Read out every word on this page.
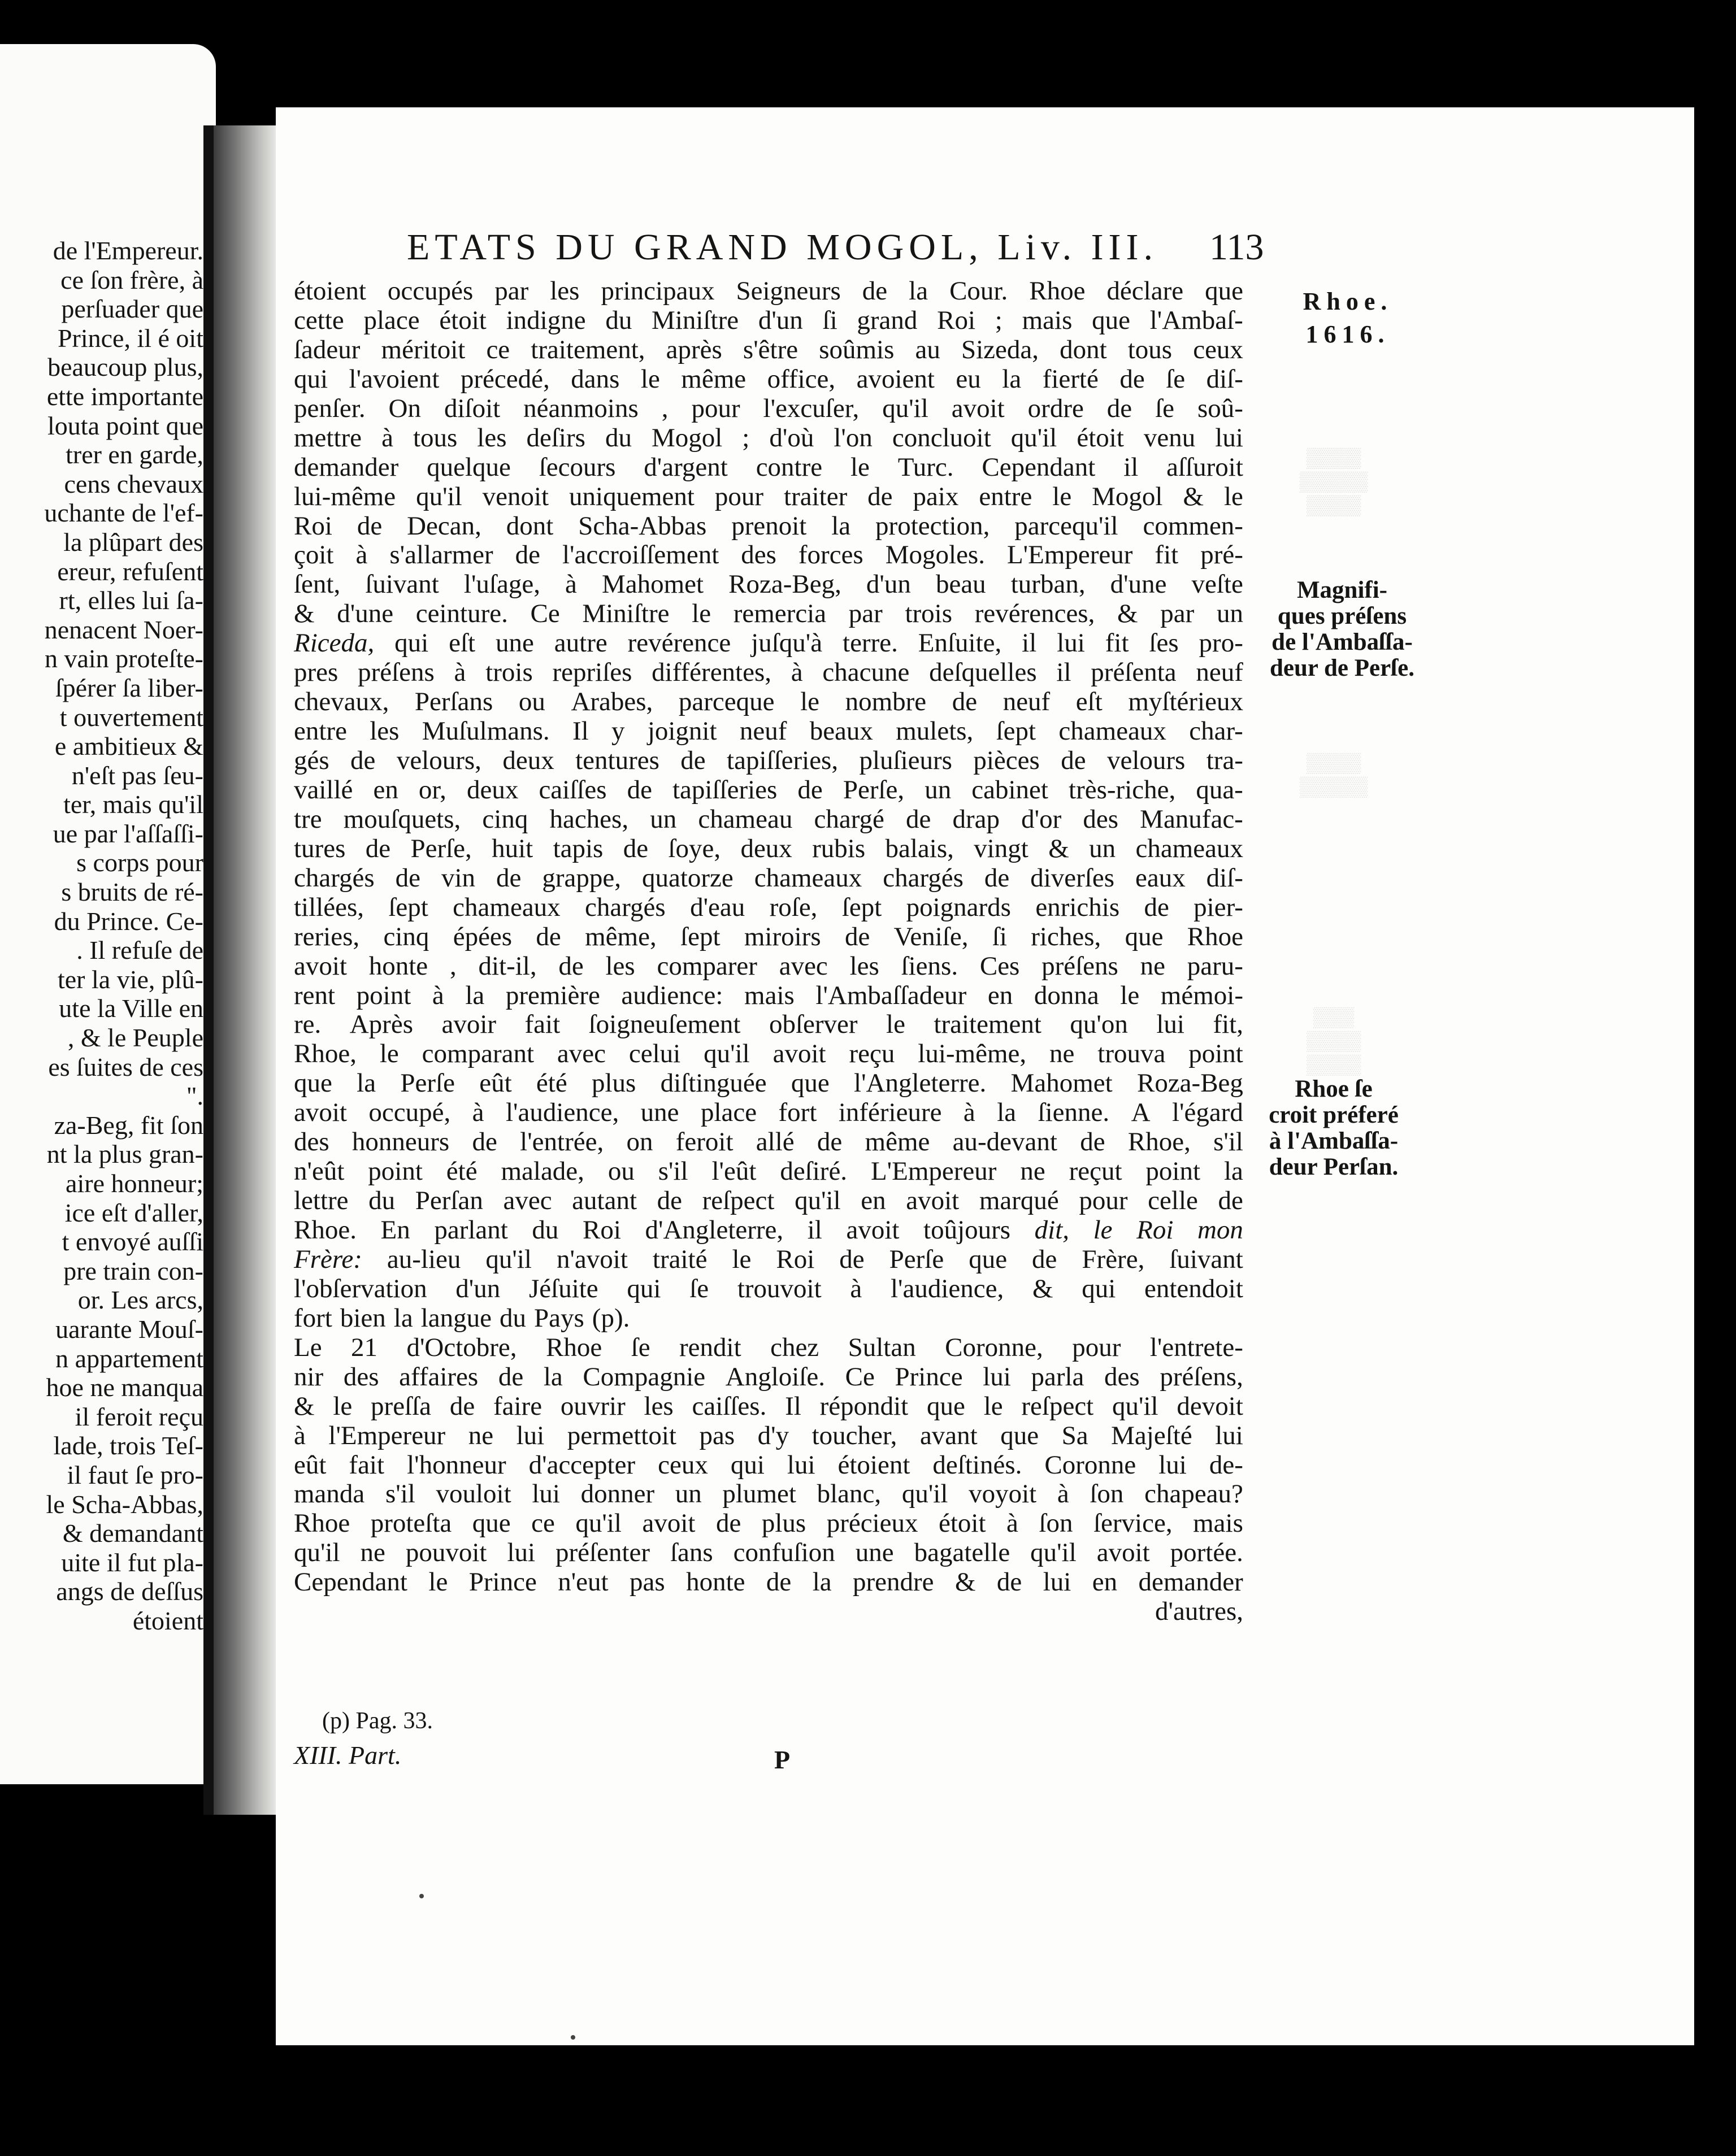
de l'Empereur.
ce ſon frère, à
perſuader que
Prince, il é oit
beaucoup plus,
ette importante
louta point que
trer en garde,
cens chevaux
uchante de l'ef-
la plûpart des
ereur, refuſent
rt, elles lui ſa-
nenacent Noer-
n vain proteſte-
ſpérer ſa liber-
t ouvertement
e ambitieux &
n'eſt pas ſeu-
ter, mais qu'il
ue par l'aſſaſſi-
s corps pour
s bruits de ré-
du Prince. Ce-
. Il refuſe de
ter la vie, plû-
ute la Ville en
, & le Peuple
es ſuites de ces
".
za-Beg, fit ſon
nt la plus gran-
aire honneur;
ice eſt d'aller,
t envoyé auſſi
pre train con-
or. Les arcs,
uarante Mouſ-
n appartement
hoe ne manqua
il feroit reçu
lade, trois Teſ-
il faut ſe pro-
le Scha-Abbas,
& demandant
uite il fut pla-
angs de deſſus
étoient
ETATS DU GRAND MOGOL, Liv. III. 113
étoient occupés par les principaux Seigneurs de la Cour. Rhoe déclare que
cette place étoit indigne du Miniſtre d'un ſi grand Roi ; mais que l'Ambaſ-
ſadeur méritoit ce traitement, après s'être soûmis au Sizeda, dont tous ceux
qui l'avoient précedé, dans le même office, avoient eu la fierté de ſe diſ-
penſer. On diſoit néanmoins , pour l'excuſer, qu'il avoit ordre de ſe soû-
mettre à tous les deſirs du Mogol ; d'où l'on concluoit qu'il étoit venu lui
demander quelque ſecours d'argent contre le Turc. Cependant il aſſuroit
lui-même qu'il venoit uniquement pour traiter de paix entre le Mogol & le
Roi de Decan, dont Scha-Abbas prenoit la protection, parcequ'il commen-
çoit à s'allarmer de l'accroiſſement des forces Mogoles. L'Empereur fit pré-
ſent, ſuivant l'uſage, à Mahomet Roza-Beg, d'un beau turban, d'une veſte
& d'une ceinture. Ce Miniſtre le remercia par trois revérences, & par un
Riceda, qui eſt une autre revérence juſqu'à terre. Enſuite, il lui fit ſes pro-
pres préſens à trois repriſes différentes, à chacune deſquelles il préſenta neuf
chevaux, Perſans ou Arabes, parceque le nombre de neuf eſt myſtérieux
entre les Muſulmans. Il y joignit neuf beaux mulets, ſept chameaux char-
gés de velours, deux tentures de tapiſſeries, pluſieurs pièces de velours tra-
vaillé en or, deux caiſſes de tapiſſeries de Perſe, un cabinet très-riche, qua-
tre mouſquets, cinq haches, un chameau chargé de drap d'or des Manufac-
tures de Perſe, huit tapis de ſoye, deux rubis balais, vingt & un chameaux
chargés de vin de grappe, quatorze chameaux chargés de diverſes eaux diſ-
tillées, ſept chameaux chargés d'eau roſe, ſept poignards enrichis de pier-
reries, cinq épées de même, ſept miroirs de Veniſe, ſi riches, que Rhoe
avoit honte , dit-il, de les comparer avec les ſiens. Ces préſens ne paru-
rent point à la première audience: mais l'Ambaſſadeur en donna le mémoi-
re. Après avoir fait ſoigneuſement obſerver le traitement qu'on lui fit,
Rhoe, le comparant avec celui qu'il avoit reçu lui-même, ne trouva point
que la Perſe eût été plus diſtinguée que l'Angleterre. Mahomet Roza-Beg
avoit occupé, à l'audience, une place fort inférieure à la ſienne. A l'égard
des honneurs de l'entrée, on feroit allé de même au-devant de Rhoe, s'il
n'eût point été malade, ou s'il l'eût deſiré. L'Empereur ne reçut point la
lettre du Perſan avec autant de reſpect qu'il en avoit marqué pour celle de
Rhoe. En parlant du Roi d'Angleterre, il avoit toûjours dit, le Roi mon
Frère: au-lieu qu'il n'avoit traité le Roi de Perſe que de Frère, ſuivant
l'obſervation d'un Jéſuite qui ſe trouvoit à l'audience, & qui entendoit
fort bien la langue du Pays (p).
Le 21 d'Octobre, Rhoe ſe rendit chez Sultan Coronne, pour l'entrete-
nir des affaires de la Compagnie Angloiſe. Ce Prince lui parla des préſens,
& le preſſa de faire ouvrir les caiſſes. Il répondit que le reſpect qu'il devoit
à l'Empereur ne lui permettoit pas d'y toucher, avant que Sa Majeſté lui
eût fait l'honneur d'accepter ceux qui lui étoient deſtinés. Coronne lui de-
manda s'il vouloit lui donner un plumet blanc, qu'il voyoit à ſon chapeau?
Rhoe proteſta que ce qu'il avoit de plus précieux étoit à ſon ſervice, mais
qu'il ne pouvoit lui préſenter ſans confuſion une bagatelle qu'il avoit portée.
Cependant le Prince n'eut pas honte de la prendre & de lui en demander
d'autres,
▒▒▒▒
▒▒▒▒▒
▒▒▒▒
▒▒▒▒
▒▒▒▒▒
▒▒▒
▒▒▒▒
▒▒▒▒
Rhoe.
1616.
Magnifi-
ques préſens
de l'Ambaſſa-
deur de Perſe.
Rhoe ſe
croit préferé
à l'Ambaſſa-
deur Perſan.
(p) Pag. 33.
XIII. Part.	P
